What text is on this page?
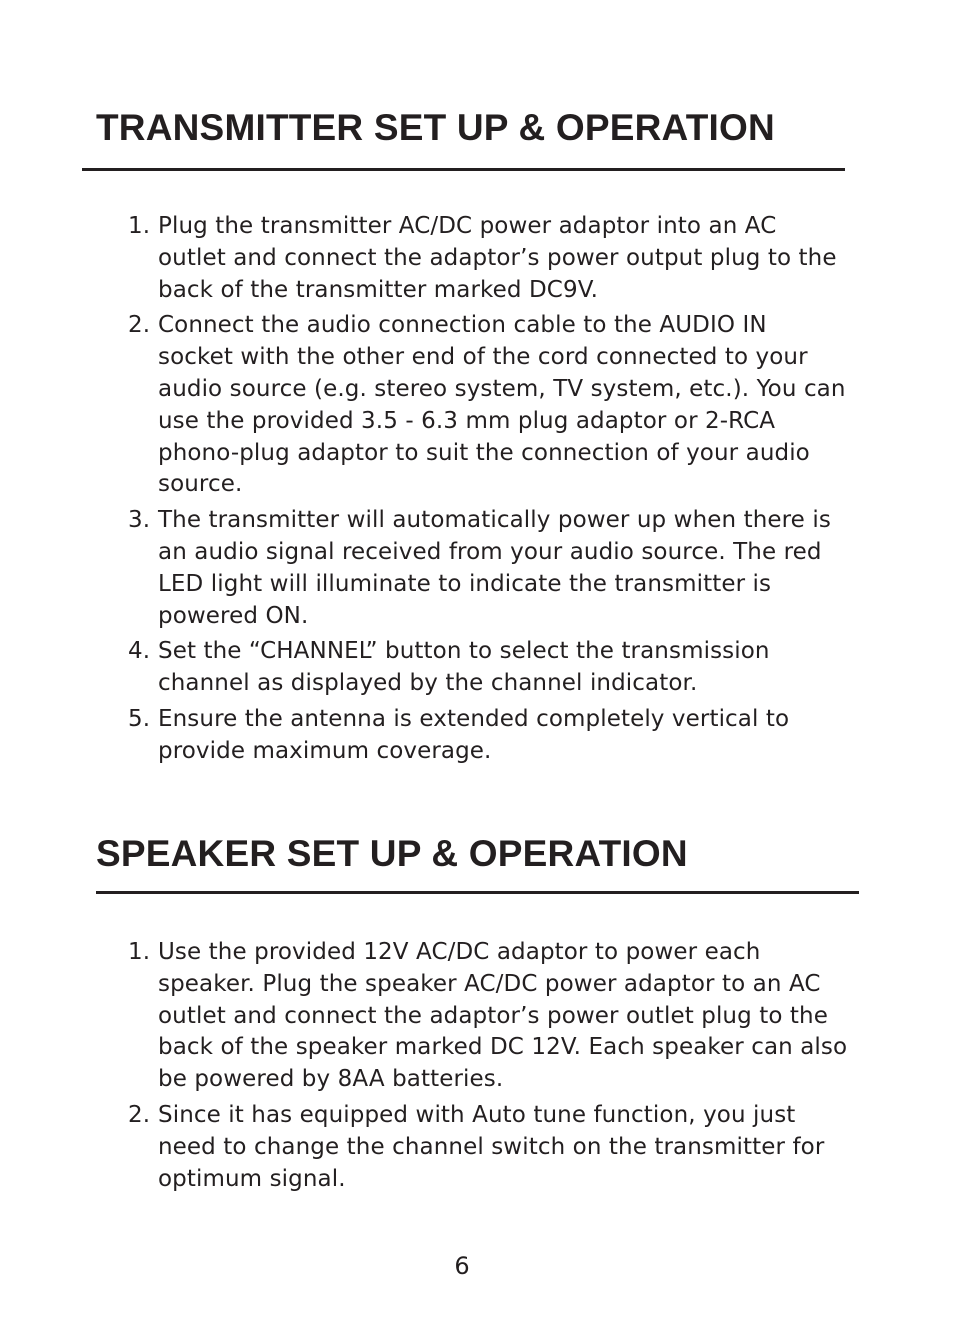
TRANSMITTER SET UP & OPERATION
1. Plug the transmitter AC/DC power adaptor into an AC outlet and connect the adaptor’s power output plug to the back of the transmitter marked DC9V.
2. Connect the audio connection cable to the AUDIO IN socket with the other end of the cord connected to your audio source (e.g. stereo system, TV system, etc.). You can use the provided 3.5 - 6.3 mm plug adaptor or 2-RCA phono-plug adaptor to suit the connection of your audio source.
3. The transmitter will automatically power up when there is an audio signal received from your audio source. The red LED light will illuminate to indicate the transmitter is powered ON.
4. Set the “CHANNEL” button to select the transmission channel as displayed by the channel indicator.
5. Ensure the antenna is extended completely vertical to provide maximum coverage.
SPEAKER SET UP & OPERATION
1. Use the provided 12V AC/DC adaptor to power each speaker. Plug the speaker AC/DC power adaptor to an AC outlet and connect the adaptor’s power outlet plug to the back of the speaker marked DC 12V. Each speaker can also be powered by 8AA batteries.
2. Since it has equipped with Auto tune function, you just need to change the channel switch on the transmitter for optimum signal.
6
